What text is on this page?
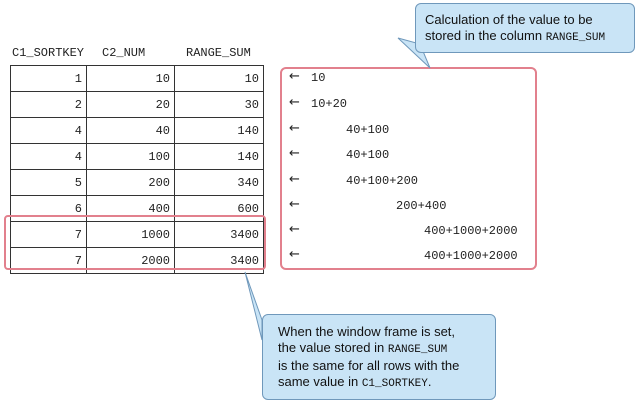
C1_SORTKEY C2_NUM	RANGE_SUM
1	10	10
2	20	30
4	40	140
4	100	140
5	200	340
6	400	600
7	1000	3400
7	2000	3400
←
←
←
←
←
←
←
←
10
10+20
40+100
40+100
40+100+200
200+400
400+1000+2000
400+1000+2000
Calculation of the value to be
stored in the column RANGE_SUM
When the window frame is set,
the value stored in RANGE_SUM
is the same for all rows with the
same value in C1_SORTKEY.
